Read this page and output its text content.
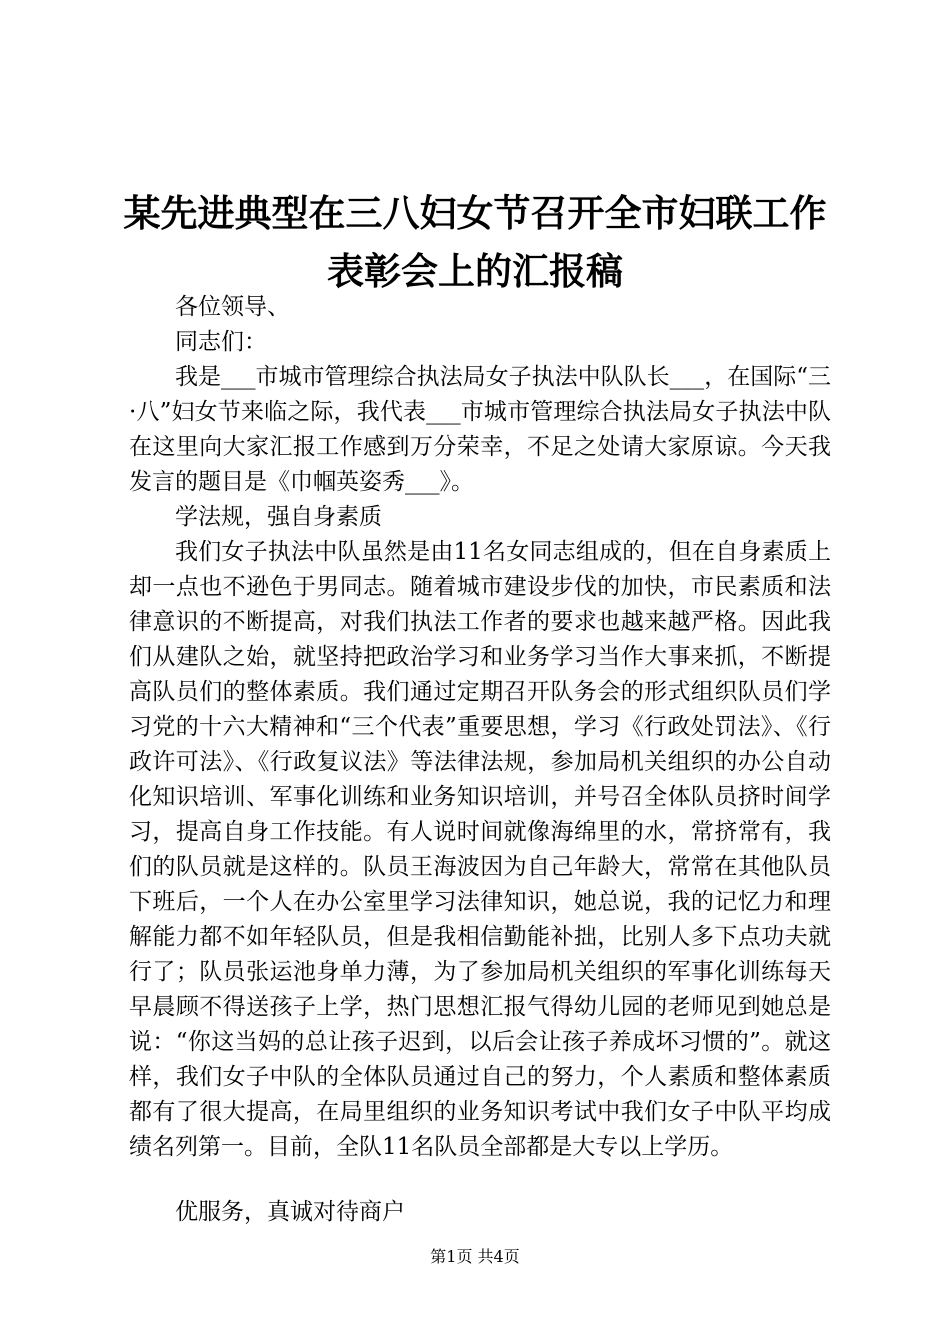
某先进典型在三八妇女节召开全市妇联工作表彰会上的汇报稿

各位领导、

同志们：

我是___市城市管理综合执法局女子执法中队队长___，在国际“三·八”妇女节来临之际，我代表___市城市管理综合执法局女子执法中队在这里向大家汇报工作感到万分荣幸，不足之处请大家原谅。今天我发言的题目是《巾帼英姿秀___》。

学法规，强自身素质

我们女子执法中队虽然是由11名女同志组成的，但在自身素质上却一点也不逊色于男同志。随着城市建设步伐的加快，市民素质和法律意识的不断提高，对我们执法工作者的要求也越来越严格。因此我们从建队之始，就坚持把政治学习和业务学习当作大事来抓，不断提高队员们的整体素质。我们通过定期召开队务会的形式组织队员们学习党的十六大精神和“三个代表”重要思想，学习《行政处罚法》、《行政许可法》、《行政复议法》等法律法规，参加局机关组织的办公自动化知识培训、军事化训练和业务知识培训，并号召全体队员挤时间学习，提高自身工作技能。有人说时间就像海绵里的水，常挤常有，我们的队员就是这样的。队员王海波因为自己年龄大，常常在其他队员下班后，一个人在办公室里学习法律知识，她总说，我的记忆力和理解能力都不如年轻队员，但是我相信勤能补拙，比别人多下点功夫就行了；队员张运池身单力薄，为了参加局机关组织的军事化训练每天早晨顾不得送孩子上学，热门思想汇报气得幼儿园的老师见到她总是说：“你这当妈的总让孩子迟到，以后会让孩子养成坏习惯的”。就这样，我们女子中队的全体队员通过自己的努力，个人素质和整体素质都有了很大提高，在局里组织的业务知识考试中我们女子中队平均成绩名列第一。目前，全队11名队员全部都是大专以上学历。

优服务，真诚对待商户

第1页 共4页
